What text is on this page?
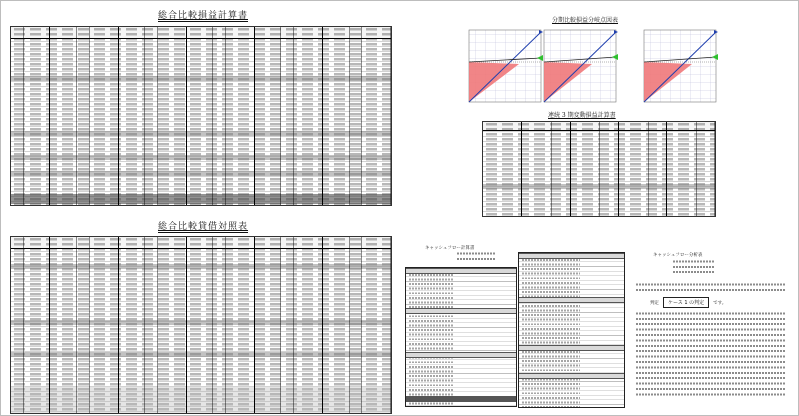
総合比較損益計算書
総合比較貸借対照表
分期比較損益分岐点図表
連続 3 期変動損益計算書
キャッシュフロー計算書
キャッシュフロー分析表
判定	ケース 1 の判定	です。
